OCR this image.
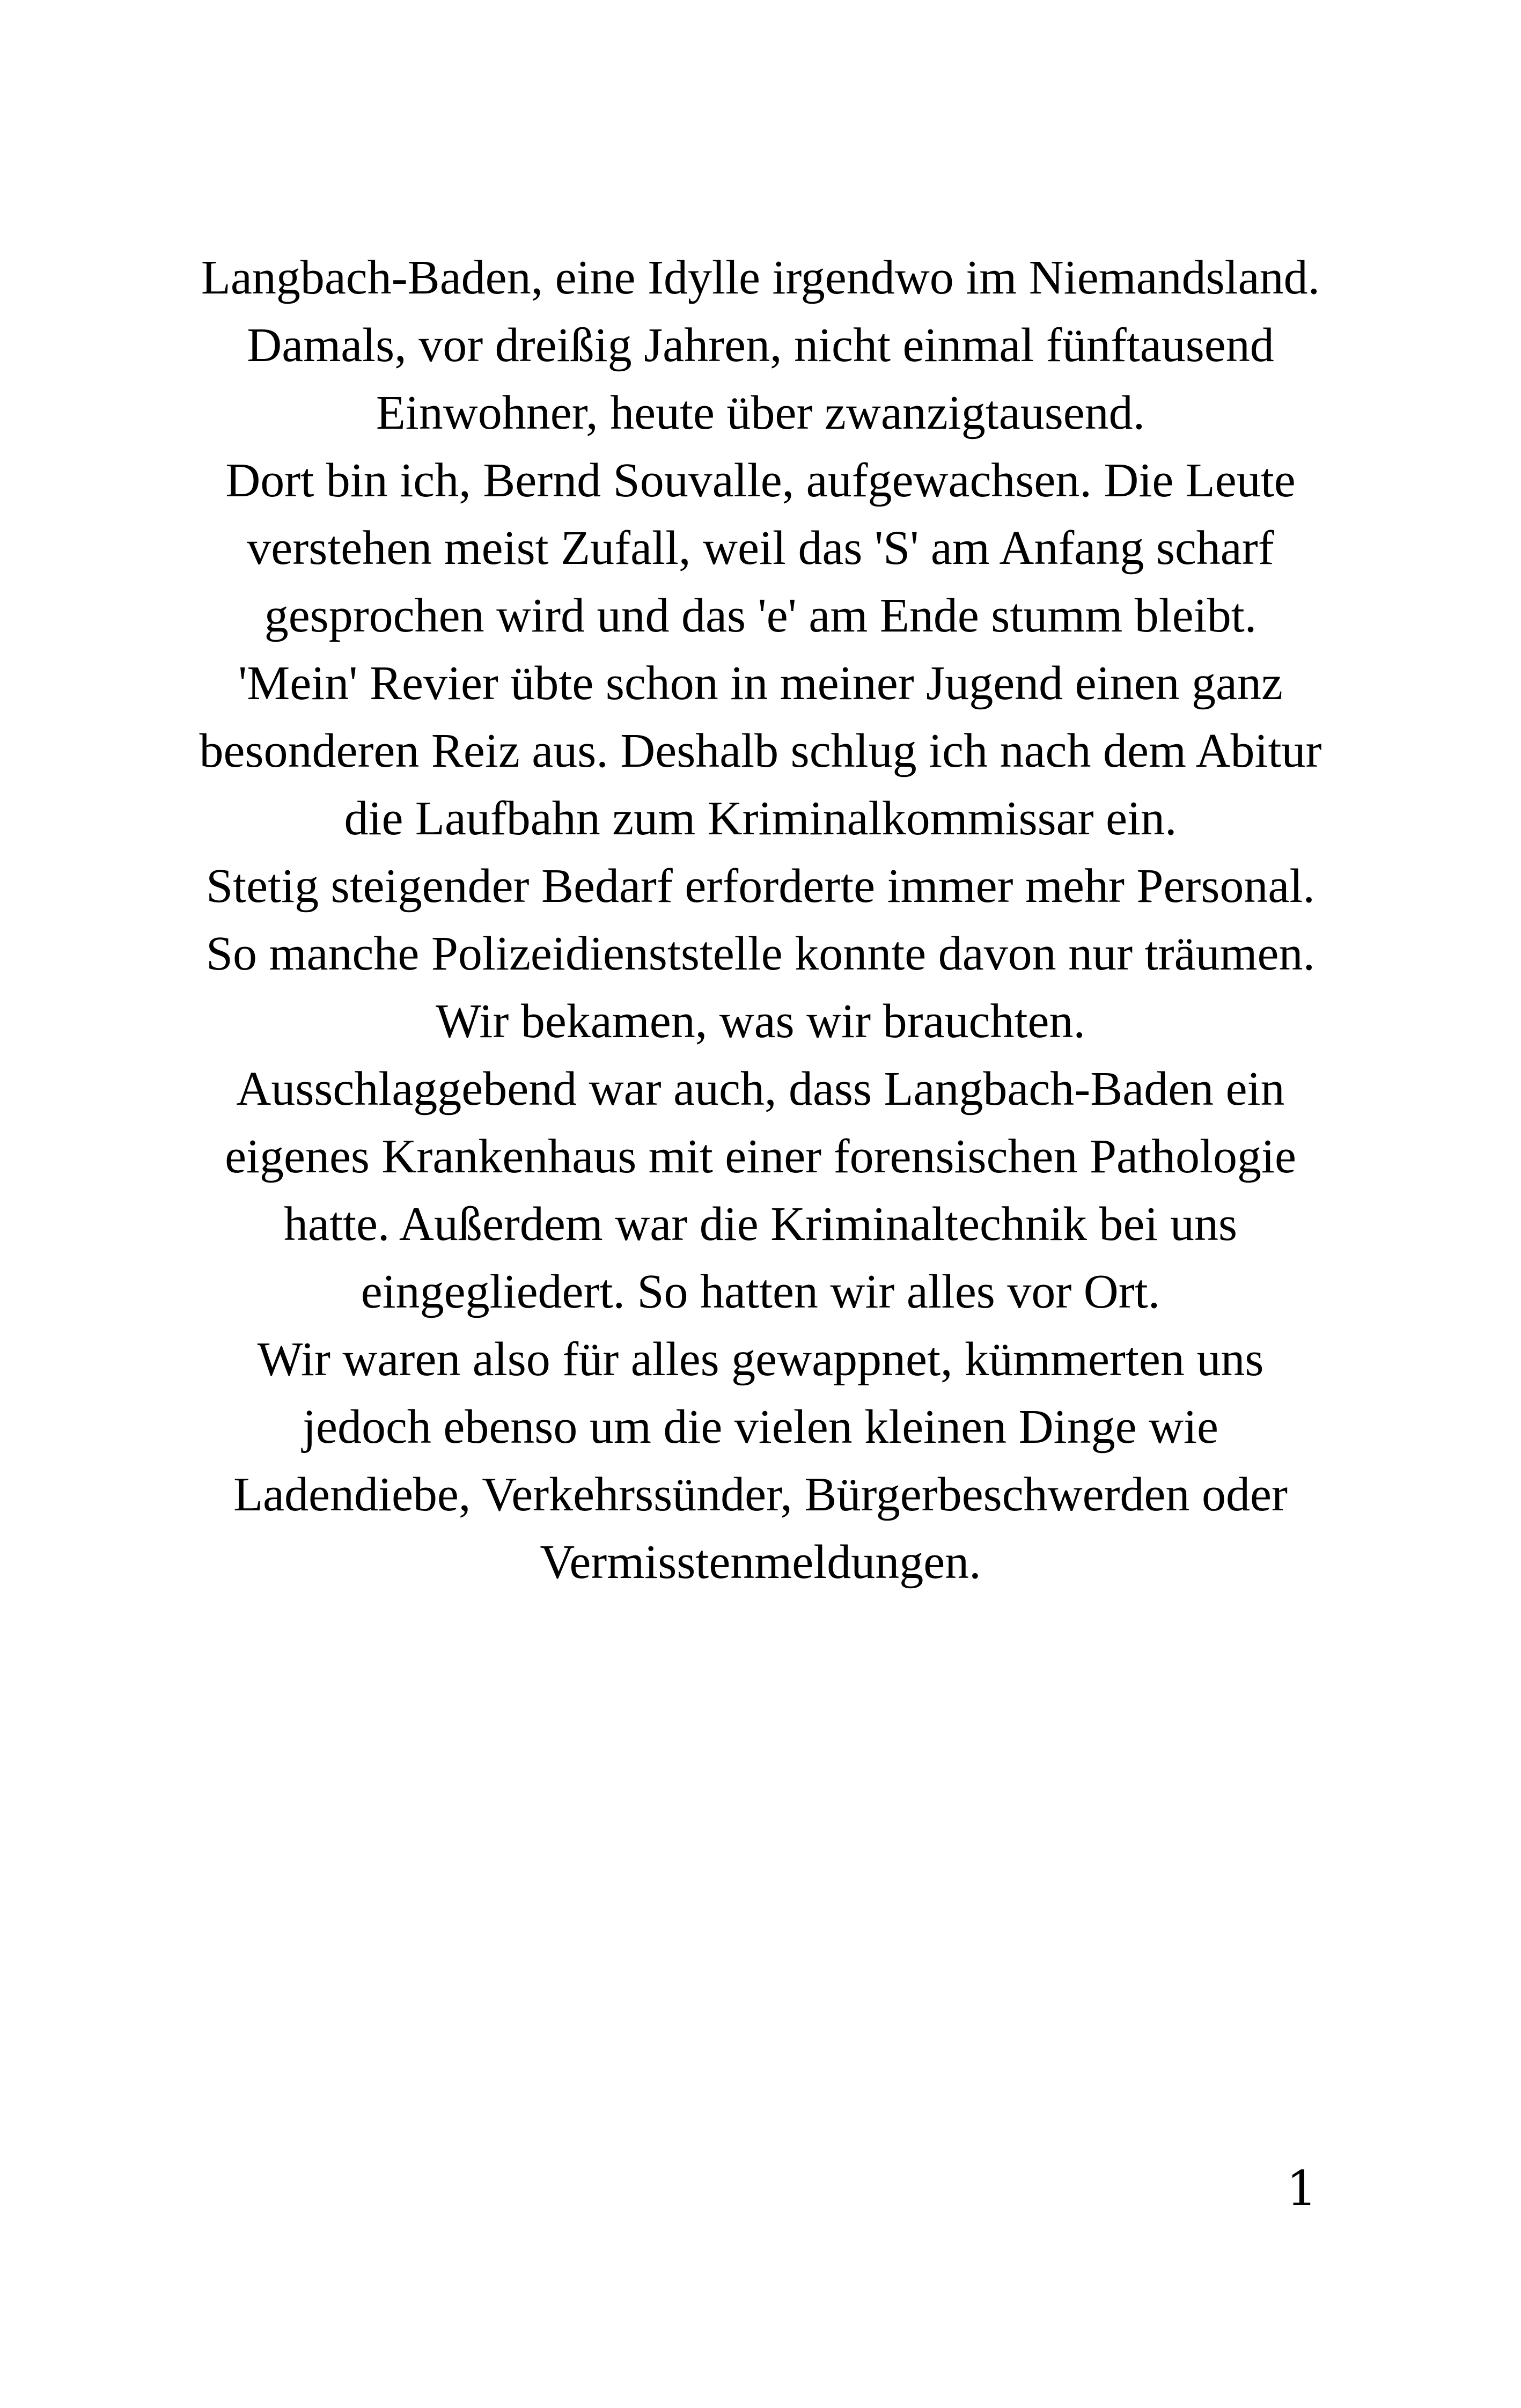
Langbach-Baden, eine Idylle irgendwo im Niemandsland.
Damals, vor dreißig Jahren, nicht einmal fünftausend
Einwohner, heute über zwanzigtausend.
Dort bin ich, Bernd Souvalle, aufgewachsen. Die Leute
verstehen meist Zufall, weil das 'S' am Anfang scharf
gesprochen wird und das 'e' am Ende stumm bleibt.
'Mein' Revier übte schon in meiner Jugend einen ganz
besonderen Reiz aus. Deshalb schlug ich nach dem Abitur
die Laufbahn zum Kriminalkommissar ein.
Stetig steigender Bedarf erforderte immer mehr Personal.
So manche Polizeidienststelle konnte davon nur träumen.
Wir bekamen, was wir brauchten.
Ausschlaggebend war auch, dass Langbach-Baden ein
eigenes Krankenhaus mit einer forensischen Pathologie
hatte. Außerdem war die Kriminaltechnik bei uns
eingegliedert. So hatten wir alles vor Ort.
Wir waren also für alles gewappnet, kümmerten uns
jedoch ebenso um die vielen kleinen Dinge wie
Ladendiebe, Verkehrssünder, Bürgerbeschwerden oder
Vermisstenmeldungen.
1
